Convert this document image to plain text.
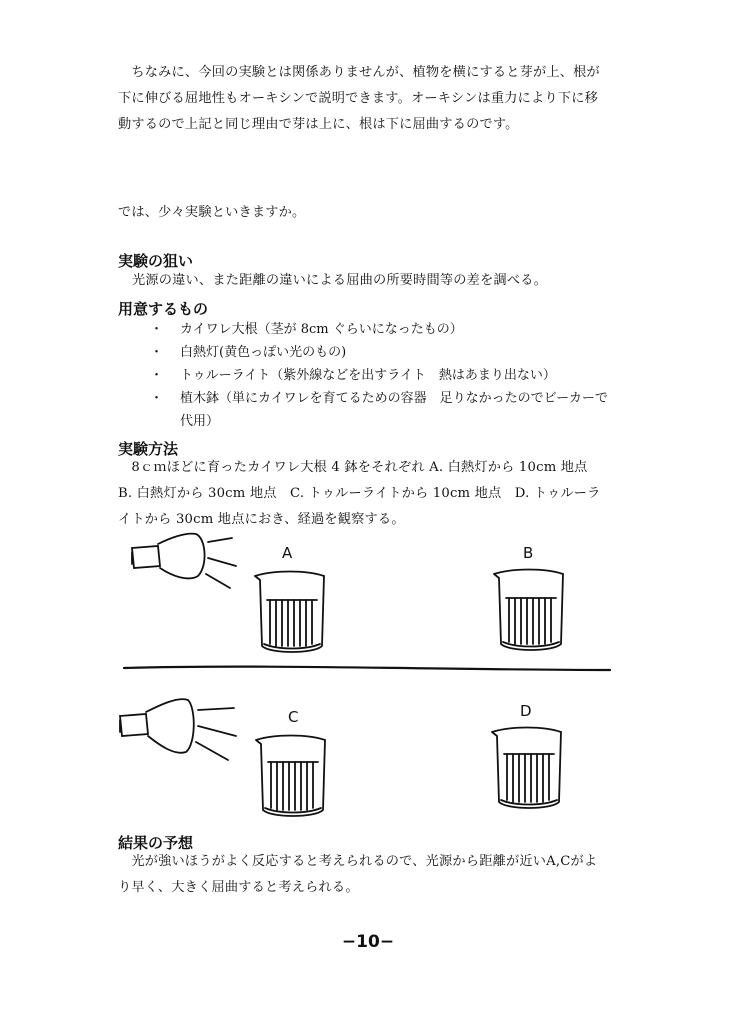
　ちなみに、今回の実験とは関係ありませんが、植物を横にすると芽が上、根が下に伸びる屈地性もオーキシンで説明できます。オーキシンは重力により下に移動するので上記と同じ理由で芽は上に、根は下に屈曲するのです。
では、少々実験といきますか。
実験の狙い
光源の違い、また距離の違いによる屈曲の所要時間等の差を調べる。
用意するもの
・ カイワレ大根（茎が 8cm ぐらいになったもの）
・ 白熱灯(黄色っぽい光のもの)
・ トゥルーライト（紫外線などを出すライト　熱はあまり出ない）
・ 植木鉢（単にカイワレを育てるための容器　足りなかったのでビーカーで代用）
実験方法
　8ｃｍほどに育ったカイワレ大根 4 鉢をそれぞれ A. 白熱灯から 10cm 地点　B. 白熱灯から 30cm 地点　C. トゥルーライトから 10cm 地点　D. トゥルーライトから 30cm 地点におき、経過を観察する。
A	B
C	D
結果の予想
　光が強いほうがよく反応すると考えられるので、光源から距離が近いA,Cがより早く、大きく屈曲すると考えられる。
−10−
